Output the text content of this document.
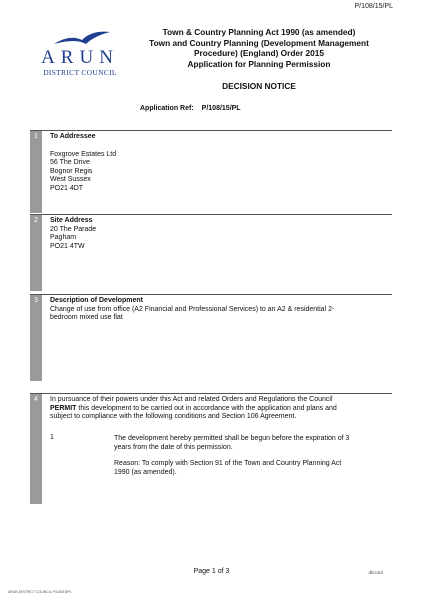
P/108/15/PL
ARUN
DISTRICT COUNCIL
Town & Country Planning Act 1990 (as amended)
Town and Country Planning (Development Management
Procedure) (England) Order 2015
Application for Planning Permission
DECISION NOTICE
Application Ref: P/108/15/PL
1	To Addressee
Foxgrove Estates Ltd
56 The Drive
Bognor Regis
West Sussex
PO21 4DT
2	Site Address
20 The Parade
Pagham
PO21 4TW
3	Description of Development
Change of use from office (A2 Financial and Professional Services) to an A2 & residential 2-
bedroom mixed use flat
4	In pursuance of their powers under this Act and related Orders and Regulations the Council
PERMIT this development to be carried out in accordance with the application and plans and
subject to compliance with the following conditions and Section 106 Agreement.
1	The development hereby permitted shall be begun before the expiration of 3
years from the date of this permission.
Reason: To comply with Section 91 of the Town and Country Planning Act
1990 (as amended).
Page 1 of 3	dkrcstd
ARUN DISTRICT COUNCIL P/108/15/PL
